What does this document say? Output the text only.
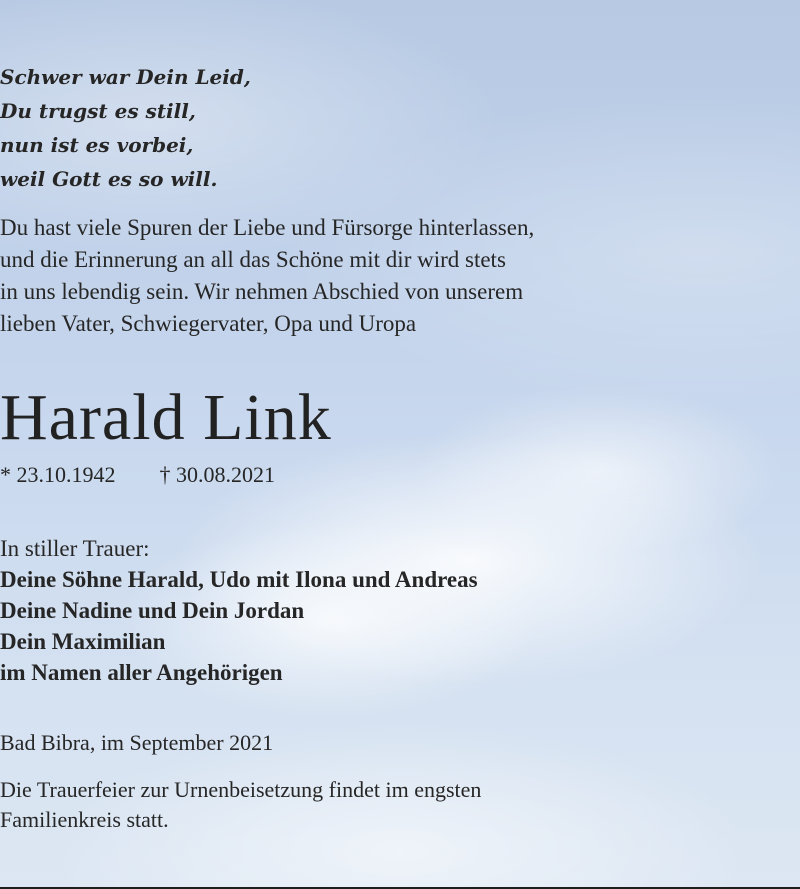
Schwer war Dein Leid,
Du trugst es still,
nun ist es vorbei,
weil Gott es so will.
Du hast viele Spuren der Liebe und Fürsorge hinterlassen,
und die Erinnerung an all das Schöne mit dir wird stets
in uns lebendig sein. Wir nehmen Abschied von unserem
lieben Vater, Schwiegervater, Opa und Uropa
Harald Link
* 23.10.1942 † 30.08.2021
In stiller Trauer:
Deine Söhne Harald, Udo mit Ilona und Andreas
Deine Nadine und Dein Jordan
Dein Maximilian
im Namen aller Angehörigen
Bad Bibra, im September 2021
Die Trauerfeier zur Urnenbeisetzung findet im engsten
Familienkreis statt.
